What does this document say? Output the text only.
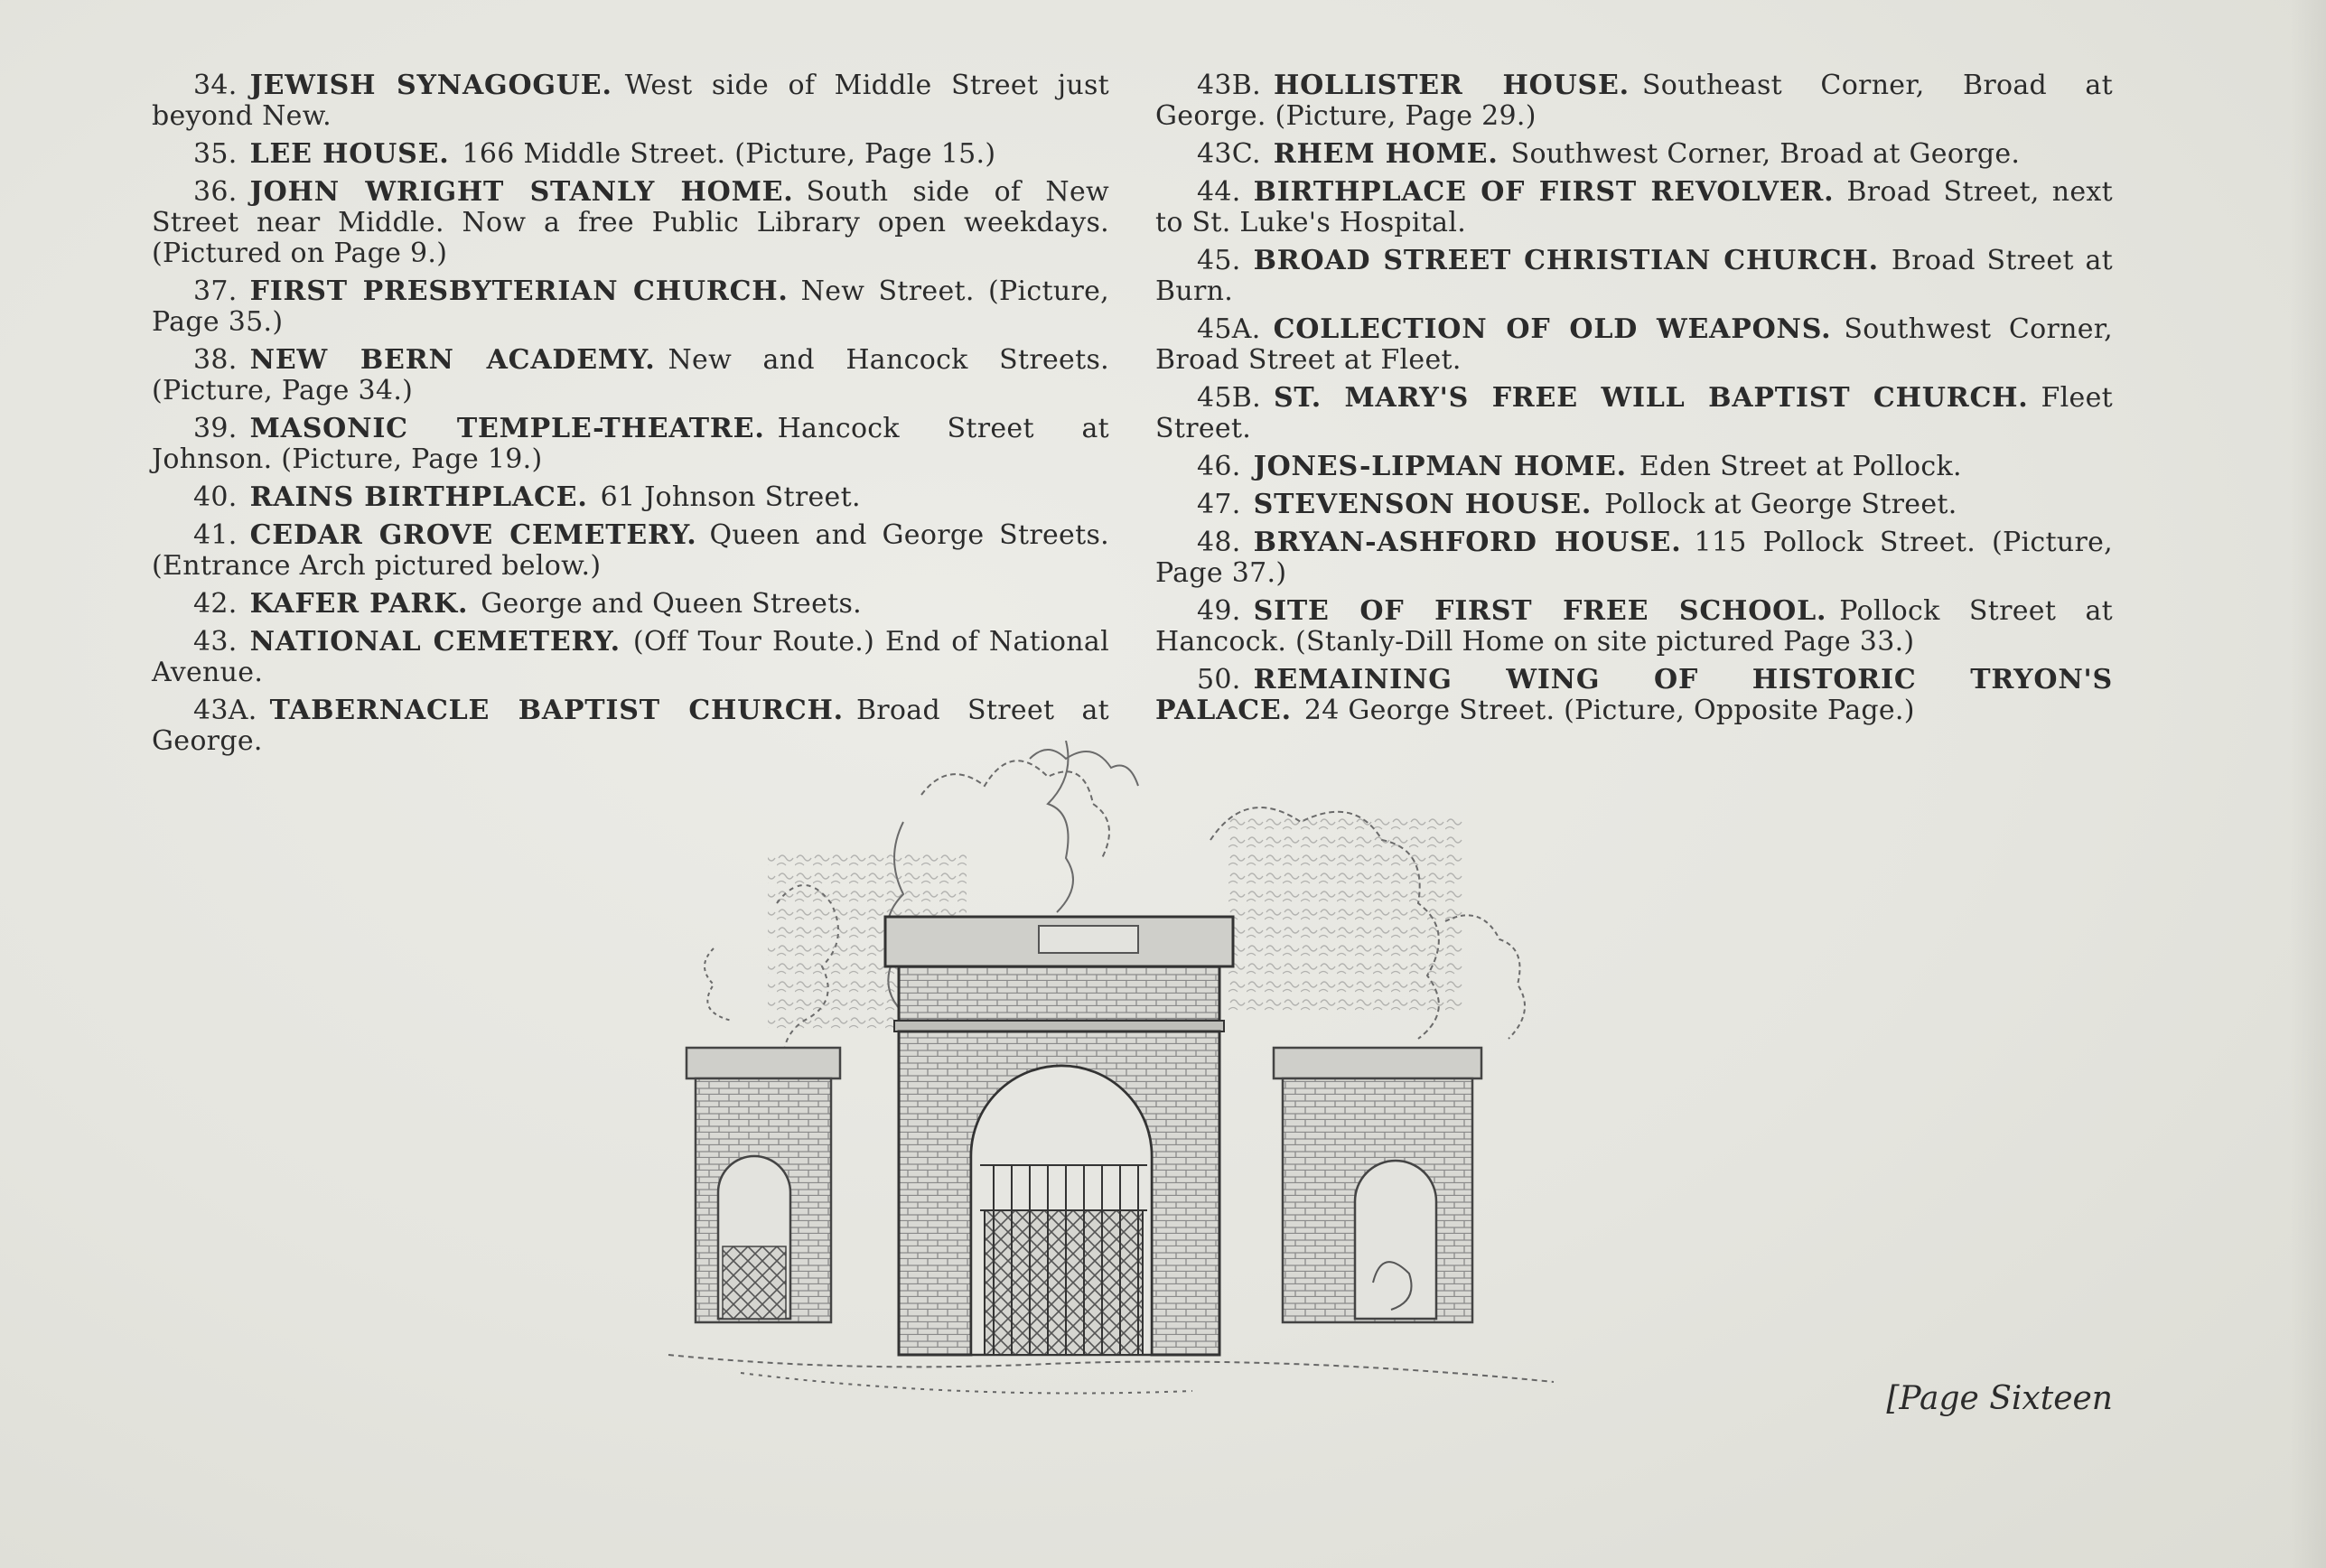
34. JEWISH SYNAGOGUE. West side of Middle Street just beyond New.

35. LEE HOUSE. 166 Middle Street. (Picture, Page 15.)

36. JOHN WRIGHT STANLY HOME. South side of New Street near Middle. Now a free Public Library open weekdays. (Pictured on Page 9.)

37. FIRST PRESBYTERIAN CHURCH. New Street. (Picture, Page 35.)

38. NEW BERN ACADEMY. New and Hancock Streets. (Picture, Page 34.)

39. MASONIC TEMPLE-THEATRE. Hancock Street at Johnson. (Picture, Page 19.)

40. RAINS BIRTHPLACE. 61 Johnson Street.

41. CEDAR GROVE CEMETERY. Queen and George Streets. (Entrance Arch pictured below.)

42. KAFER PARK. George and Queen Streets.

43. NATIONAL CEMETERY. (Off Tour Route.) End of National Avenue.

43A. TABERNACLE BAPTIST CHURCH. Broad Street at George.

43B. HOLLISTER HOUSE. Southeast Corner, Broad at George. (Picture, Page 29.)

43C. RHEM HOME. Southwest Corner, Broad at George.

44. BIRTHPLACE OF FIRST REVOLVER. Broad Street, next to St. Luke's Hospital.

45. BROAD STREET CHRISTIAN CHURCH. Broad Street at Burn.

45A. COLLECTION OF OLD WEAPONS. Southwest Corner, Broad Street at Fleet.

45B. ST. MARY'S FREE WILL BAPTIST CHURCH. Fleet Street.

46. JONES-LIPMAN HOME. Eden Street at Pollock.

47. STEVENSON HOUSE. Pollock at George Street.

48. BRYAN-ASHFORD HOUSE. 115 Pollock Street. (Picture, Page 37.)

49. SITE OF FIRST FREE SCHOOL. Pollock Street at Hancock. (Stanly-Dill Home on site pictured Page 33.)

50. REMAINING WING OF HISTORIC TRYON'S PALACE. 24 George Street. (Picture, Opposite Page.)

[Page Sixteen
